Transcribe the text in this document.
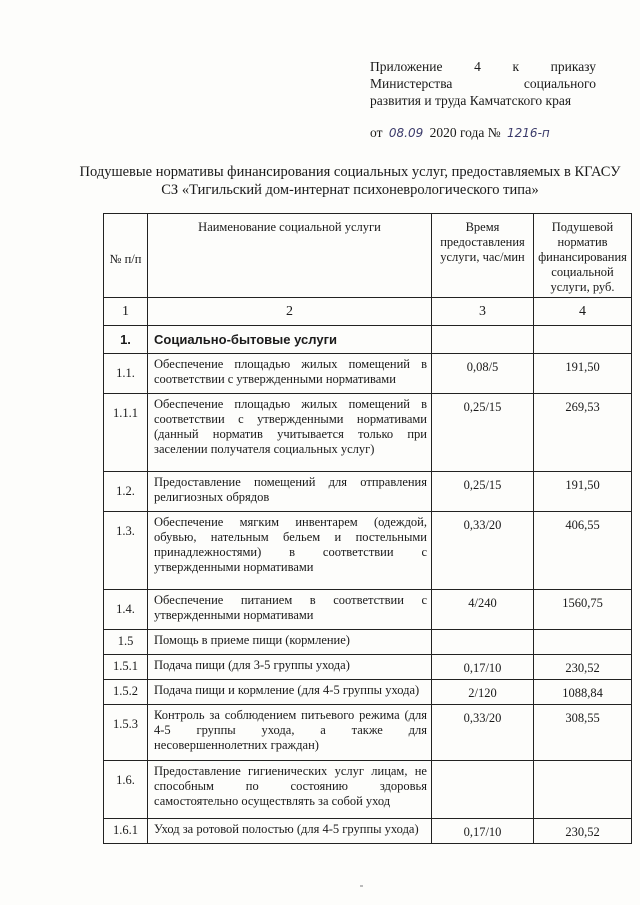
Приложение 4 к приказу
Министерства социального
развития и труда Камчатского края
от 08.09 2020 года № 1216-п
Подушевые нормативы финансирования социальных услуг, предоставляемых в КГАСУ СЗ «Тигильский дом-интернат психоневрологического типа»
№ п/п	Наименование социальной услуги	Время предоставления услуги, час/мин	Подушевой норматив финансирования социальной услуги, руб.
1	2	3	4
1.	Социально-бытовые услуги		
1.1.	Обеспечение площадью жилых помещений в соответствии с утвержденными нормативами	0,08/5	191,50
1.1.1	Обеспечение площадью жилых помещений в соответствии с утвержденными нормативами (данный норматив учитывается только при заселении получателя социальных услуг)	0,25/15	269,53
1.2.	Предоставление помещений для отправления религиозных обрядов	0,25/15	191,50
1.3.	Обеспечение мягким инвентарем (одеждой, обувью, нательным бельем и постельными принадлежностями) в соответствии с утвержденными нормативами	0,33/20	406,55
1.4.	Обеспечение питанием в соответствии с утвержденными нормативами	4/240	1560,75
1.5	Помощь в приеме пищи (кормление)		
1.5.1	Подача пищи (для 3-5 группы ухода)	0,17/10	230,52
1.5.2	Подача пищи и кормление (для 4-5 группы ухода)	2/120	1088,84
1.5.3	Контроль за соблюдением питьевого режима (для 4-5 группы ухода, а также для несовершеннолетних граждан)	0,33/20	308,55
1.6.	Предоставление гигиенических услуг лицам, не способным по состоянию здоровья самостоятельно осуществлять за собой уход		
1.6.1	Уход за ротовой полостью (для 4-5 группы ухода)	0,17/10	230,52
